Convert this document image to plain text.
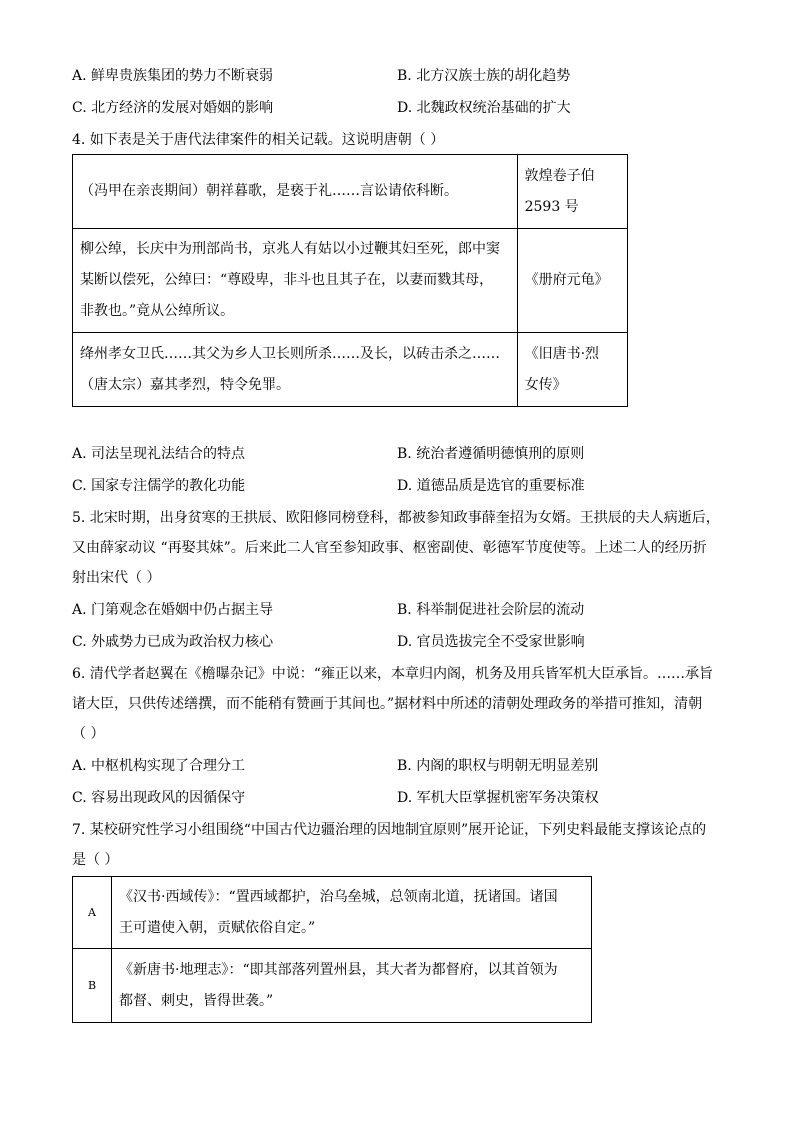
A. 鲜卑贵族集团的势力不断衰弱	B. 北方汉族士族的胡化趋势
C. 北方经济的发展对婚姻的影响	D. 北魏政权统治基础的扩大
4. 如下表是关于唐代法律案件的相关记载。这说明唐朝（ ）
（冯甲在亲丧期间）朝祥暮歌，是亵于礼……言讼请依科断。	敦煌卷子伯
2593 号

柳公绰，长庆中为刑部尚书，京兆人有姑以小过鞭其妇至死，郎中窦
某断以偿死，公绰曰：“尊殴卑，非斗也且其子在，以妻而戮其母，
非教也。”竟从公绰所议。	《册府元龟》

绛州孝女卫氏……其父为乡人卫长则所杀……及长，以砖击杀之……
（唐太宗）嘉其孝烈，特令免罪。	《旧唐书·烈
女传》
A. 司法呈现礼法结合的特点	B. 统治者遵循明德慎刑的原则
C. 国家专注儒学的教化功能	D. 道德品质是选官的重要标准
5. 北宋时期，出身贫寒的王拱辰、欧阳修同榜登科，都被参知政事薛奎招为女婿。王拱辰的夫人病逝后，
又由薛家动议 “再娶其妹”。后来此二人官至参知政事、枢密副使、彰德军节度使等。上述二人的经历折
射出宋代（ ）
A. 门第观念在婚姻中仍占据主导	B. 科举制促进社会阶层的流动
C. 外戚势力已成为政治权力核心	D. 官员选拔完全不受家世影响
6. 清代学者赵翼在《檐曝杂记》中说：“雍正以来，本章归内阁，机务及用兵皆军机大臣承旨。……承旨
诸大臣，只供传述缮撰，而不能稍有赞画于其间也。”据材料中所述的清朝处理政务的举措可推知，清朝
（ ）
A. 中枢机构实现了合理分工	B. 内阁的职权与明朝无明显差别
C. 容易出现政风的因循保守	D. 军机大臣掌握机密军务决策权
7. 某校研究性学习小组围绕“中国古代边疆治理的因地制宜原则”展开论证，下列史料最能支撑该论点的
是（ ）
A	《汉书·西域传》：“置西域都护，治乌垒城，总领南北道，抚诸国。诸国
王可遣使入朝，贡赋依俗自定。”

B	《新唐书·地理志》：“即其部落列置州县，其大者为都督府，以其首领为
都督、刺史，皆得世袭。”
